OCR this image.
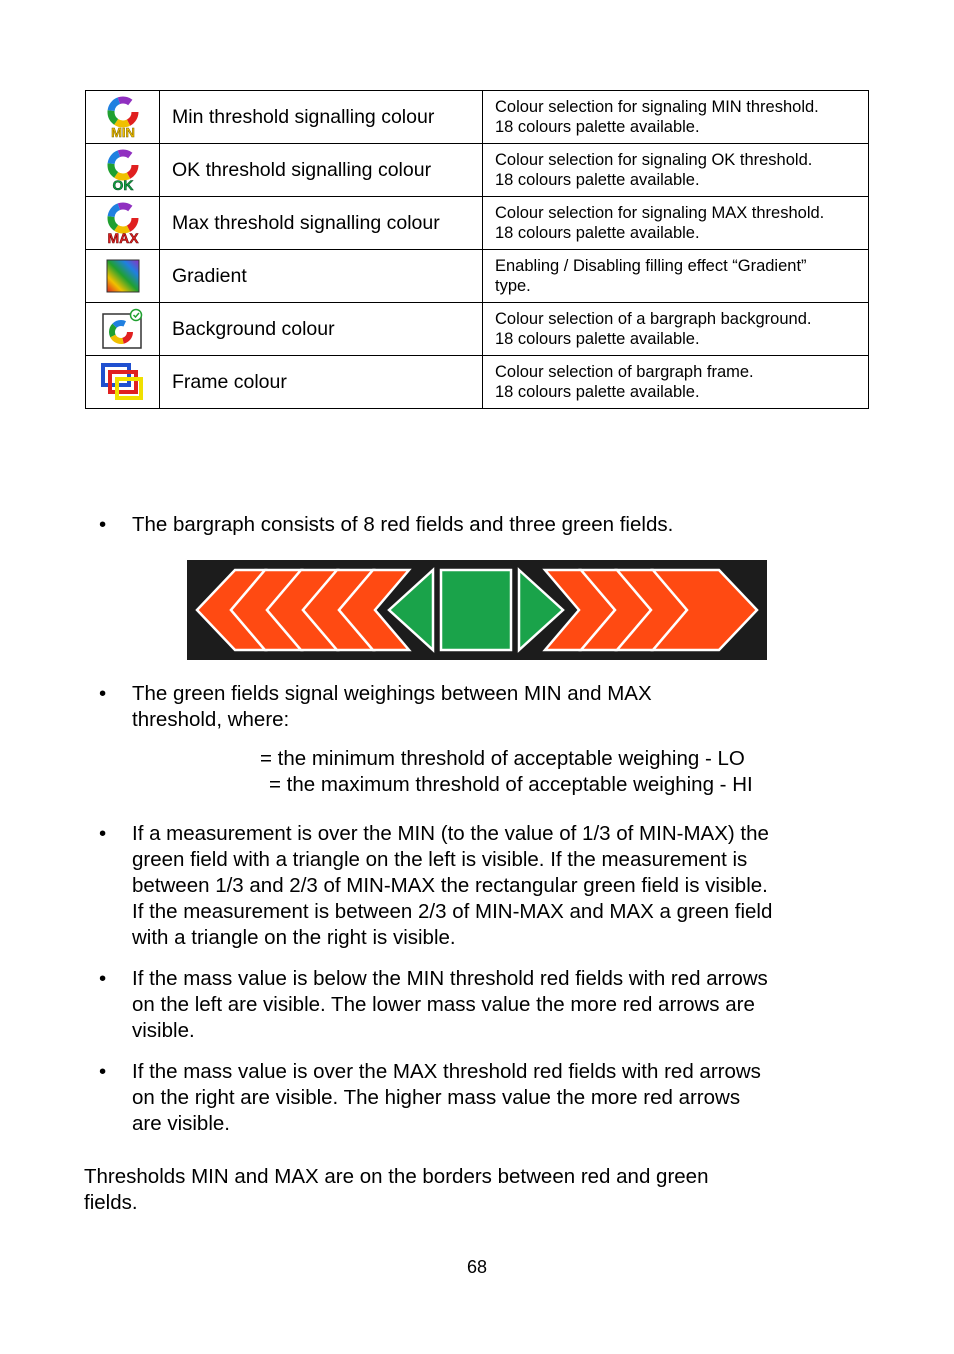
MIN	Min threshold signalling colour	Colour selection for signaling MIN threshold.
18 colours palette available.

OK	OK threshold signalling colour	Colour selection for signaling OK threshold.
18 colours palette available.

MAX	Max threshold signalling colour	Colour selection for signaling MAX threshold.
18 colours palette available.

	Gradient	Enabling / Disabling filling effect “Gradient”
type.

	Background colour	Colour selection of a bargraph background.
18 colours palette available.

	Frame colour	Colour selection of bargraph frame.
18 colours palette available.
• The bargraph consists of 8 red fields and three green fields.
• The green fields signal weighings between MIN and MAX
threshold, where:
= the minimum threshold of acceptable weighing - LO
= the maximum threshold of acceptable weighing - HI
• If a measurement is over the MIN (to the value of 1/3 of MIN-MAX) the
green field with a triangle on the left is visible. If the measurement is
between 1/3 and 2/3 of MIN-MAX the rectangular green field is visible.
If the measurement is between 2/3 of MIN-MAX and MAX a green field
with a triangle on the right is visible.
• If the mass value is below the MIN threshold red fields with red arrows
on the left are visible. The lower mass value the more red arrows are
visible.
• If the mass value is over the MAX threshold red fields with red arrows
on the right are visible. The higher mass value the more red arrows
are visible.
Thresholds MIN and MAX are on the borders between red and green
fields.
68
